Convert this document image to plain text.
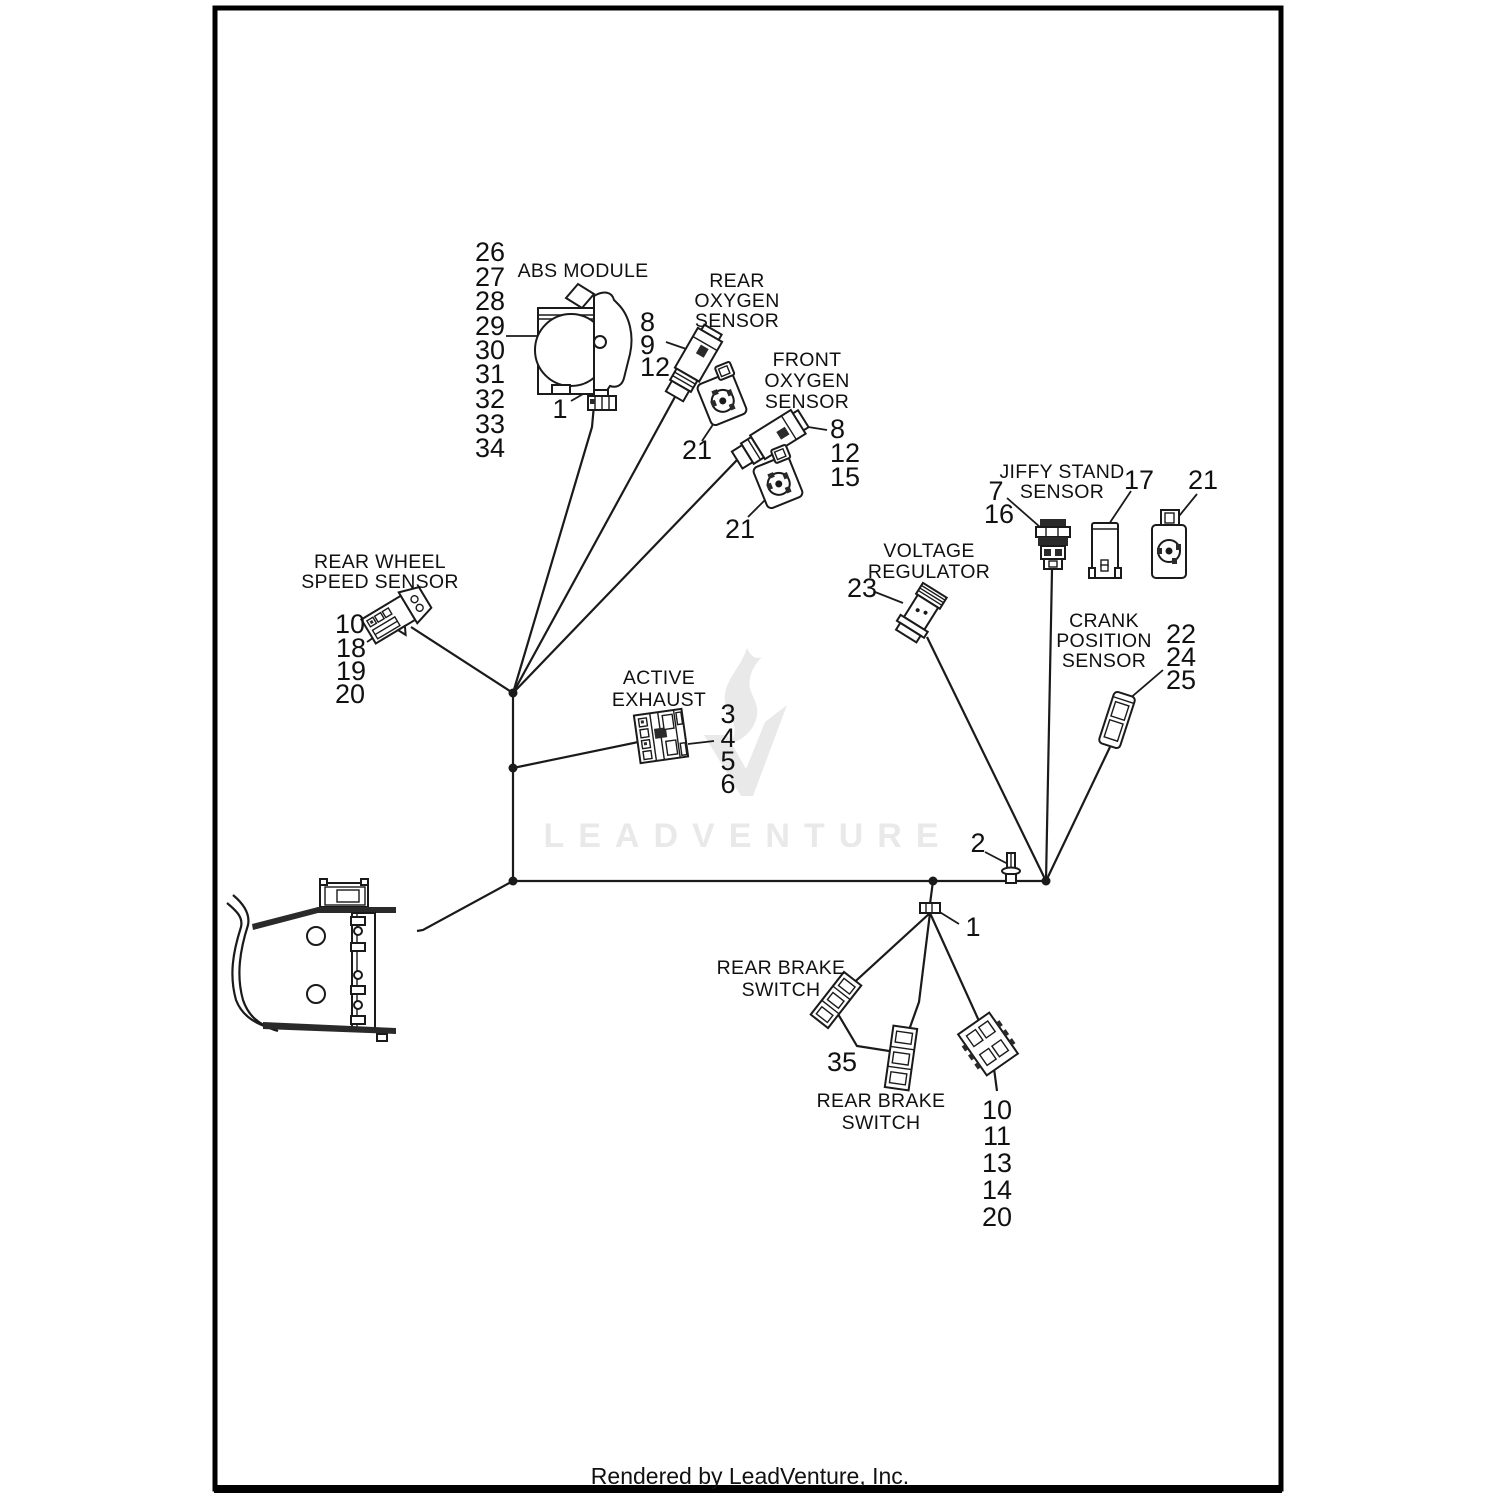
LEADVENTURE
26
27
28
29
30
31
32
33
34
ABS MODULE
1
REAR
OXYGEN
SENSOR
8
9
12
21
FRONT
OXYGEN
SENSOR
8
12
15
21
JIFFY STAND
SENSOR
7
16
17 21
VOLTAGE
REGULATOR
23
CRANK
POSITION
SENSOR
22
24
25
REAR WHEEL
SPEED SENSOR
10
18
19
20
ACTIVE
EXHAUST 3
4
5
6
2
1
REAR BRAKE
SWITCH
35
REAR BRAKE
SWITCH 10
11
13
14
20
Rendered by LeadVenture, Inc.
